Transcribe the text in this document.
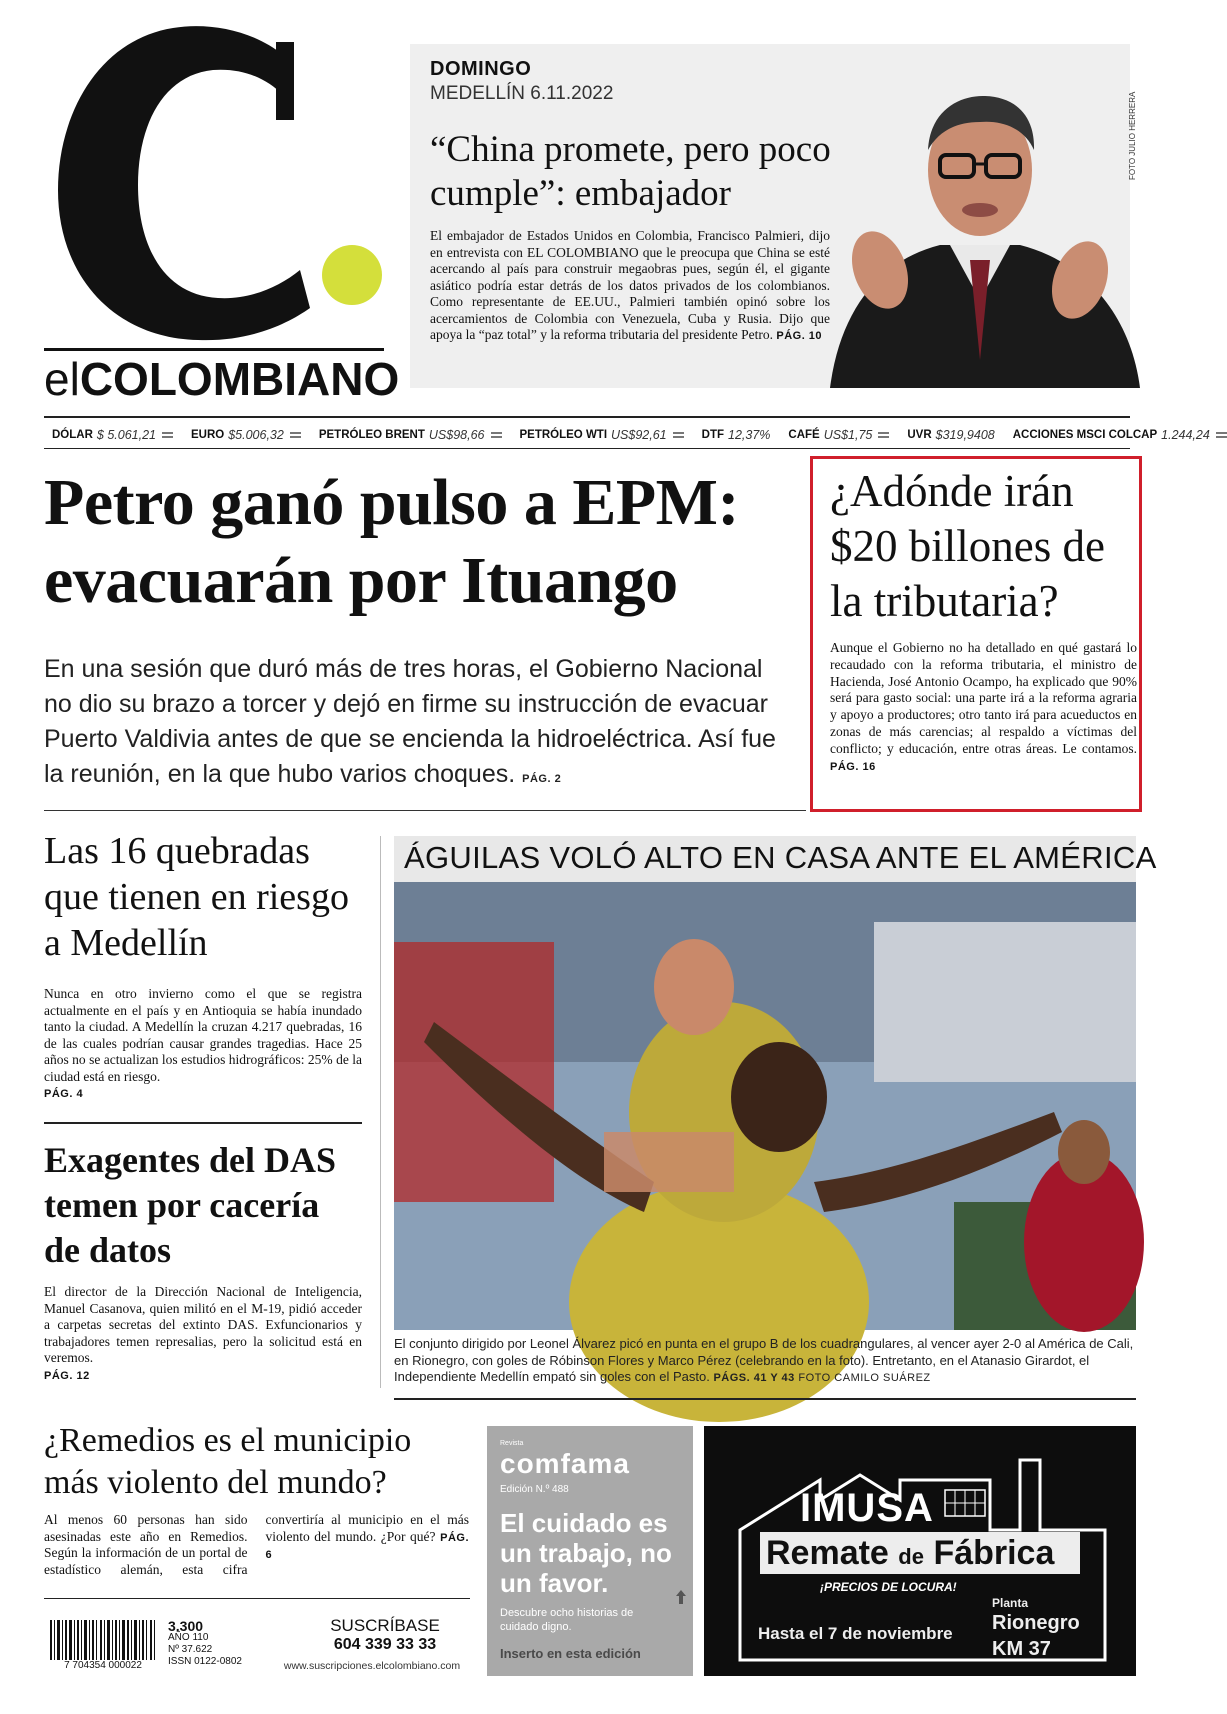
elCOLOMBIANO
DOMINGO
MEDELLÍN 6.11.2022
“China promete, pero poco cumple”: embajador
El embajador de Estados Unidos en Colombia, Francisco Palmieri, dijo en entrevista con EL COLOMBIANO que le preocupa que China se esté acercando al país para construir megaobras pues, según él, el gigante asiático podría estar detrás de los datos privados de los colombianos. Como representante de EE.UU., Palmieri también opinó sobre los acercamientos de Colombia con Venezuela, Cuba y Rusia. Dijo que apoya la “paz total” y la reforma tributaria del presidente Petro. PÁG. 10
FOTO JULIO HERRERA
DÓLAR $ 5.061,21	EURO $5.006,32	PETRÓLEO BRENT US$98,66	PETRÓLEO WTI US$92,61	DTF 12,37% CAFÉ US$1,75	UVR $319,9408 ACCIONES MSCI COLCAP 1.244,24
Petro ganó pulso a EPM: evacuarán por Ituango
En una sesión que duró más de tres horas, el Gobierno Nacional no dio su brazo a torcer y dejó en firme su instrucción de evacuar Puerto Valdivia antes de que se encienda la hidroeléctrica. Así fue la reunión, en la que hubo varios choques. PÁG. 2
¿Adónde irán $20 billones de la tributaria?
Aunque el Gobierno no ha detallado en qué gastará lo recaudado con la reforma tributaria, el ministro de Hacienda, José Antonio Ocampo, ha explicado que 90% será para gasto social: una parte irá a la reforma agraria y apoyo a productores; otro tanto irá para acueductos en zonas de más carencias; al respaldo a víctimas del conflicto; y educación, entre otras áreas. Le contamos. PÁG. 16
Las 16 quebradas que tienen en riesgo a Medellín
Nunca en otro invierno como el que se registra actualmente en el país y en Antioquia se había inundado tanto la ciudad. A Medellín la cruzan 4.217 quebradas, 16 de las cuales podrían causar grandes tragedias. Hace 25 años no se actualizan los estudios hidrográficos: 25% de la ciudad está en riesgo.
PÁG. 4
Exagentes del DAS temen por cacería de datos
El director de la Dirección Nacional de Inteligencia, Manuel Casanova, quien militó en el M-19, pidió acceder a carpetas secretas del extinto DAS. Exfuncionarios y trabajadores temen represalias, pero la solicitud está en veremos.
PÁG. 12
ÁGUILAS VOLÓ ALTO EN CASA ANTE EL AMÉRICA
El conjunto dirigido por Leonel Álvarez picó en punta en el grupo B de los cuadrangulares, al vencer ayer 2-0 al América de Cali, en Rionegro, con goles de Róbinson Flores y Marco Pérez (celebrando en la foto). Entretanto, en el Atanasio Girardot, el Independiente Medellín empató sin goles con el Pasto. PÁGS. 41 Y 43 FOTO CAMILO SUÁREZ
¿Remedios es el municipio más violento del mundo?
Al menos 60 personas han sido asesinadas este año en Remedios. Según la información de un portal de estadístico alemán, esta cifra convertiría al municipio en el más violento del mundo. ¿Por qué? PÁG. 6
7 704354 000022
3.300
AÑO 110
Nº 37.622
ISSN 0122-0802
SUSCRÍBASE
604 339 33 33
www.suscripciones.elcolombiano.com
Revista
comfama
Edición N.º 488
El cuidado es un trabajo, no un favor.
Descubre ocho historias de cuidado digno.
Inserto en esta edición
IMUSA
Remate de Fábrica
¡PRECIOS DE LOCURA!
Hasta el 7 de noviembre
Planta
Rionegro
KM 37
